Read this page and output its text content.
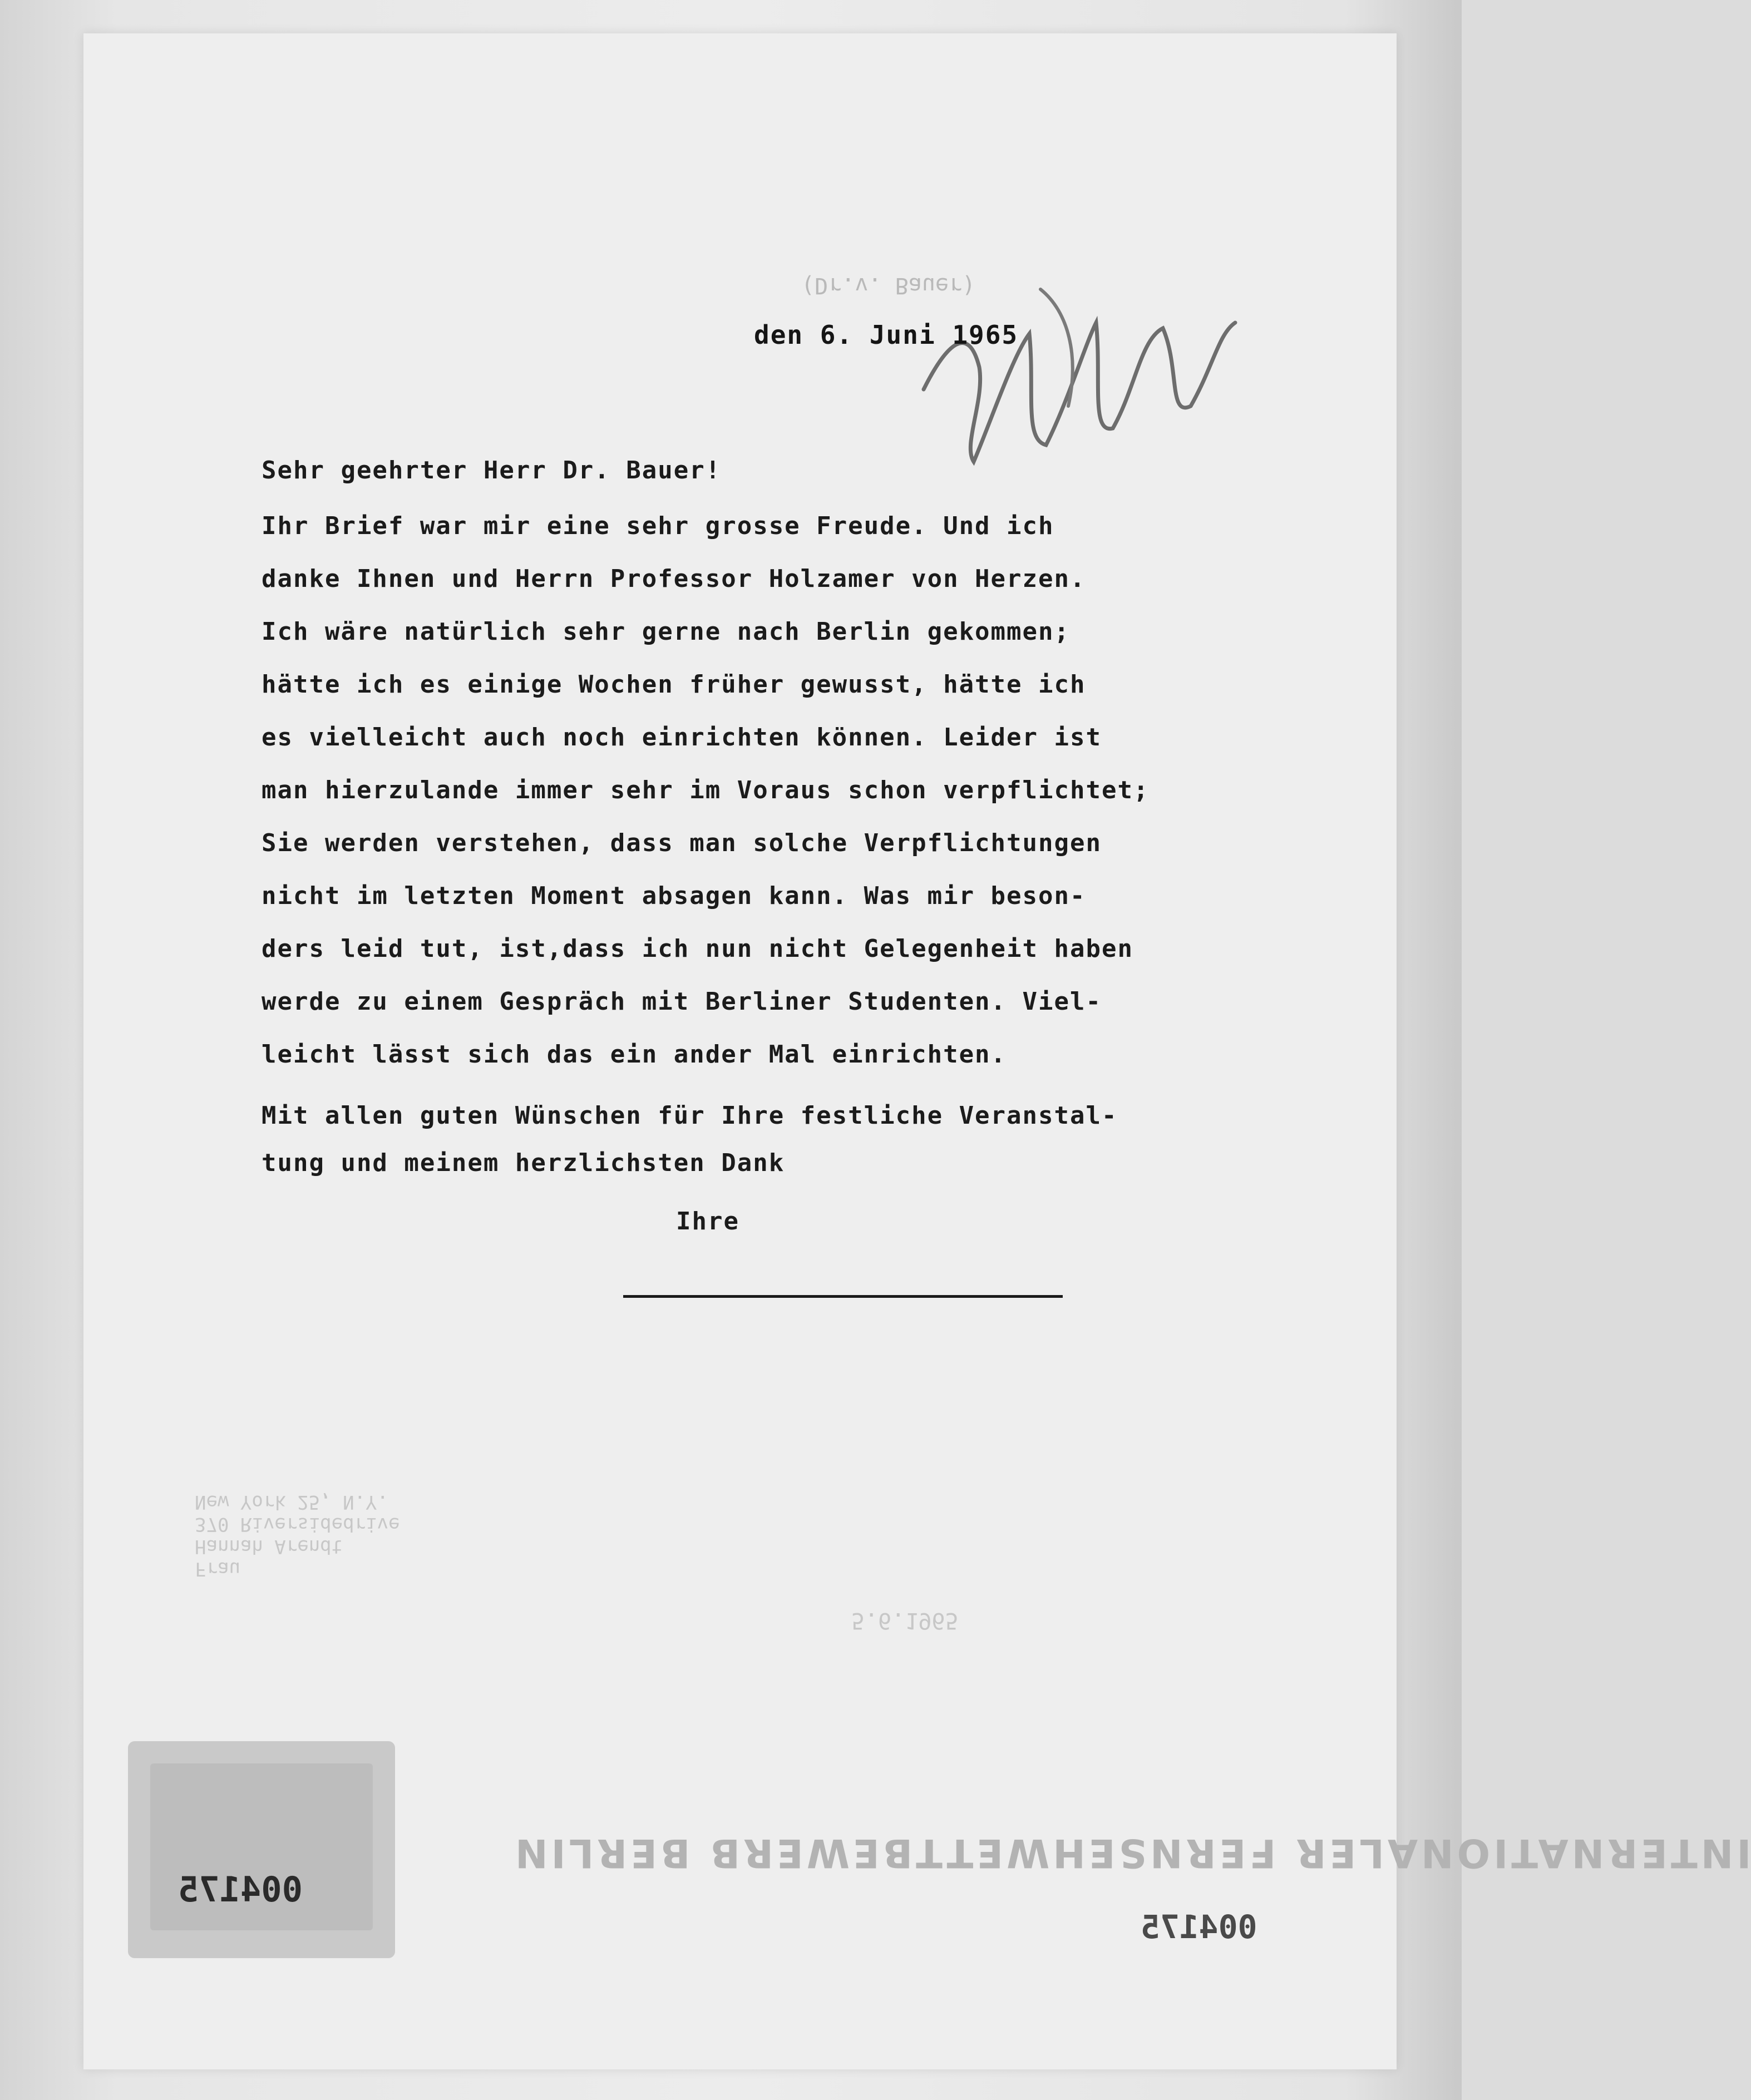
(Dr.v. Bauer)
Frau
Hannah Arendt
370 Riversidedrive
New York 25, N.Y.
5.6.1965
INTERNATIONALER FERNSEHWETTBEWERB BERLIN
den 6. Juni 1965
Sehr geehrter Herr Dr. Bauer!
Ihr Brief war mir eine sehr grosse Freude. Und ich
danke Ihnen und Herrn Professor Holzamer von Herzen.
Ich wäre natürlich sehr gerne nach Berlin gekommen;
hätte ich es einige Wochen früher gewusst, hätte ich
es vielleicht auch noch einrichten können. Leider ist
man hierzulande immer sehr im Voraus schon verpflichtet;
Sie werden verstehen, dass man solche Verpflichtungen
nicht im letzten Moment absagen kann. Was mir beson-
ders leid tut, ist,dass ich nun nicht Gelegenheit haben
werde zu einem Gespräch mit Berliner Studenten. Viel-
leicht lässt sich das ein ander Mal einrichten.
Mit allen guten Wünschen für Ihre festliche Veranstal-
tung und meinem herzlichsten Dank
Ihre
004175
004175
